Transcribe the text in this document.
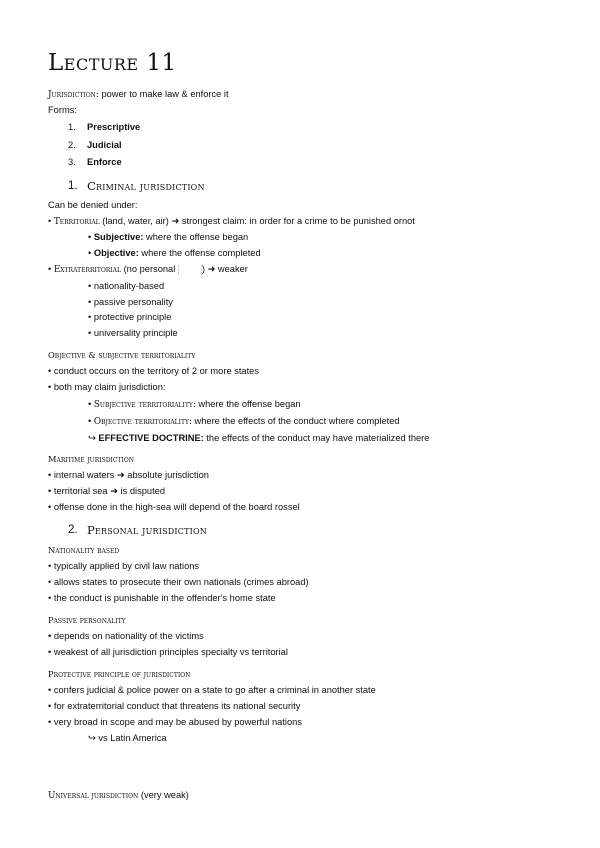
Lecture 11
Jurisdiction: power to make law & enforce it
Forms:
1. Prescriptive
2. Judicial
3. Enforce
1. Criminal jurisdiction
Can be denied under:
• Territorial (land, water, air) ➜ strongest claim: in order for a crime to be punished ornot
• Subjective: where the offense began
• Objective: where the offense completed
• Extraterritorial (no personal	) ➜ weaker
• nationality-based
• passive personality
• protective principle
• universality principle
Objective & subjective territoriality
• conduct occurs on the territory of 2 or more states
• both may claim jurisdiction:
• Subjective territoriality: where the offense began
• Objective territoriality: where the effects of the conduct where completed
↪ EFFECTIVE DOCTRINE: the effects of the conduct may have materialized there
Maritime jurisdiction
• internal waters ➜ absolute jurisdiction
• territorial sea ➜ is disputed
• offense done in the high-sea will depend of the board rossel
2. Personal jurisdiction
Nationality based
• typically applied by civil law nations
• allows states to prosecute their own nationals (crimes abroad)
• the conduct is punishable in the offender's home state
Passive personality
• depends on nationality of the victims
• weakest of all jurisdiction principles specialty vs territorial
Protective principle of jurisdiction
• confers judicial & police power on a state to go after a criminal in another state
• for extraterritorial conduct that threatens its national security
• very broad in scope and may be abused by powerful nations
↪ vs Latin America
Universal jurisdiction (very weak)
